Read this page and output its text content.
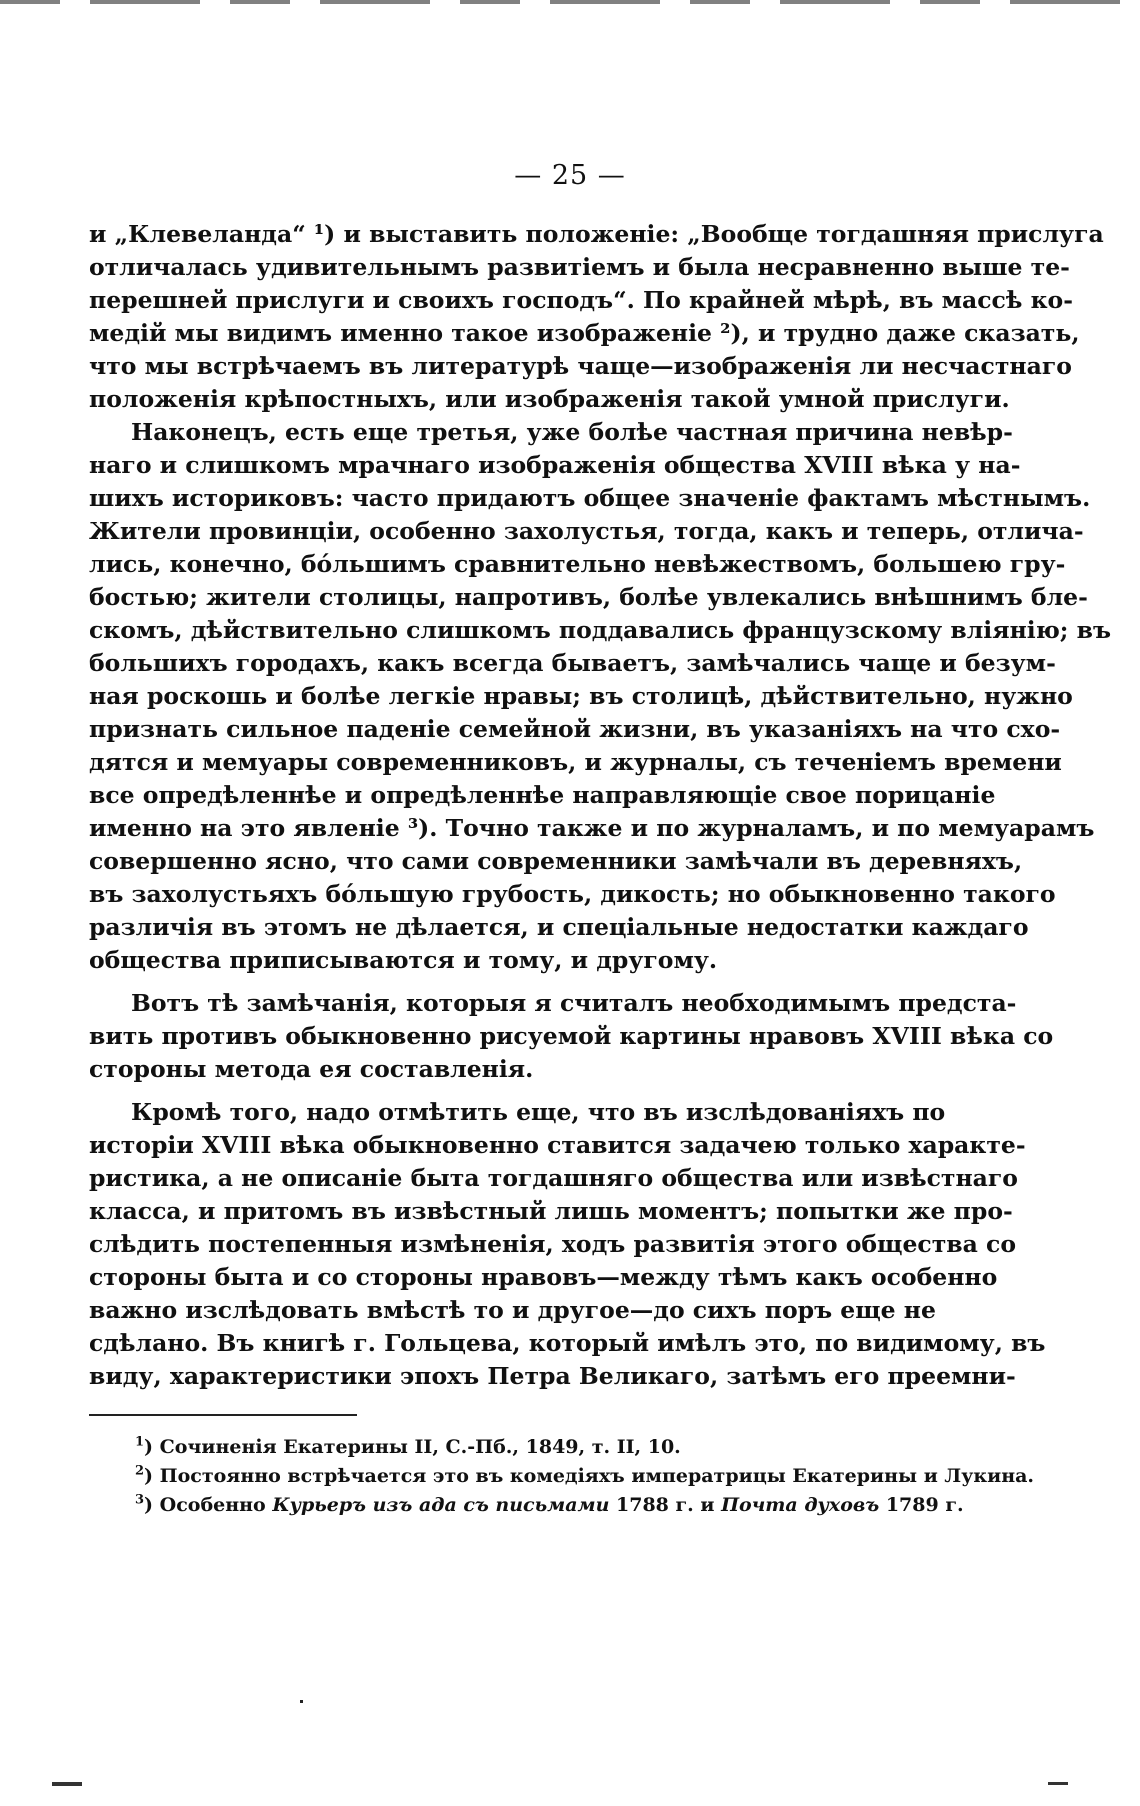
— 25 —
и „Клевеланда“ ¹) и выставить положеніе: „Вообще тогдашняя прислуга
отличалась удивительнымъ развитіемъ и была несравненно выше те-
перешней прислуги и своихъ господъ“. По крайней мѣрѣ, въ массѣ ко-
медій мы видимъ именно такое изображеніе ²), и трудно даже сказать,
что мы встрѣчаемъ въ литературѣ чаще—изображенія ли несчастнаго
положенія крѣпостныхъ, или изображенія такой умной прислуги.
Наконецъ, есть еще третья, уже болѣе частная причина невѣр-
наго и слишкомъ мрачнаго изображенія общества XVIII вѣка у на-
шихъ историковъ: часто придаютъ общее значеніе фактамъ мѣстнымъ.
Жители провинціи, особенно захолустья, тогда, какъ и теперь, отлича-
лись, конечно, бо́льшимъ сравнительно невѣжествомъ, большею гру-
бостью; жители столицы, напротивъ, болѣе увлекались внѣшнимъ бле-
скомъ, дѣйствительно слишкомъ поддавались французскому вліянію; въ
большихъ городахъ, какъ всегда бываетъ, замѣчались чаще и безум-
ная роскошь и болѣе легкіе нравы; въ столицѣ, дѣйствительно, нужно
признать сильное паденіе семейной жизни, въ указаніяхъ на что схо-
дятся и мемуары современниковъ, и журналы, съ теченіемъ времени
все опредѣленнѣе и опредѣленнѣе направляющіе свое порицаніе
именно на это явленіе ³). Точно также и по журналамъ, и по мемуарамъ
совершенно ясно, что сами современники замѣчали въ деревняхъ,
въ захолустьяхъ бо́льшую грубость, дикость; но обыкновенно такого
различія въ этомъ не дѣлается, и спеціальные недостатки каждаго
общества приписываются и тому, и другому.
Вотъ тѣ замѣчанія, которыя я считалъ необходимымъ предста-
вить противъ обыкновенно рисуемой картины нравовъ XVIII вѣка со
стороны метода ея составленія.
Кромѣ того, надо отмѣтить еще, что въ изслѣдованіяхъ по
исторіи XVIII вѣка обыкновенно ставится задачею только характе-
ристика, а не описаніе быта тогдашняго общества или извѣстнаго
класса, и притомъ въ извѣстный лишь моментъ; попытки же про-
слѣдить постепенныя измѣненія, ходъ развитія этого общества со
стороны быта и со стороны нравовъ—между тѣмъ какъ особенно
важно изслѣдовать вмѣстѣ то и другое—до сихъ поръ еще не
сдѣлано. Въ книгѣ г. Гольцева, который имѣлъ это, по видимому, въ
виду, характеристики эпохъ Петра Великаго, затѣмъ его преемни-
$^1$) Сочиненія Екатерины II, С.-Пб., 1849, т. II, 10.
$^2$) Постоянно встрѣчается это въ комедіяхъ императрицы Екатерины и Лукина.
$^3$) Особенно Курьеръ изъ ада съ письмами 1788 г. и Почта духовъ 1789 г.
